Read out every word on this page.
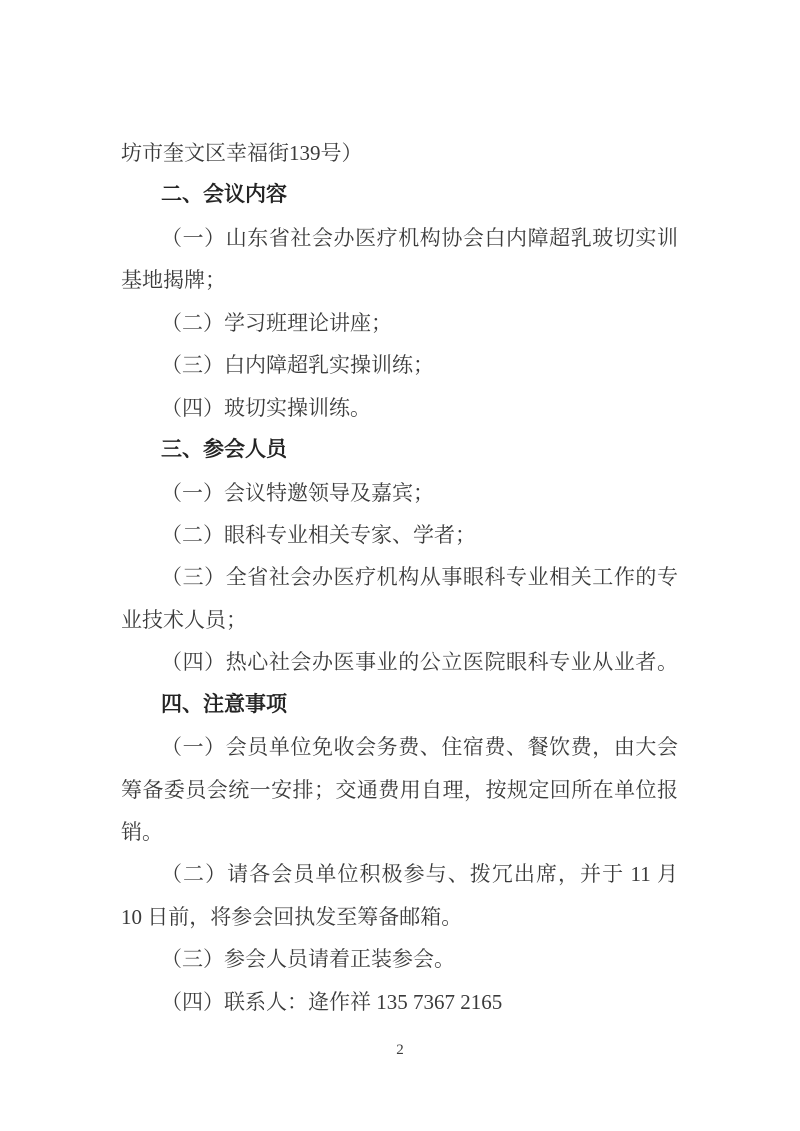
坊市奎文区幸福街139号）
二、会议内容
（一）山东省社会办医疗机构协会白内障超乳玻切实训
基地揭牌；
（二）学习班理论讲座；
（三）白内障超乳实操训练；
（四）玻切实操训练。
三、参会人员
（一）会议特邀领导及嘉宾；
（二）眼科专业相关专家、学者；
（三）全省社会办医疗机构从事眼科专业相关工作的专
业技术人员；
（四）热心社会办医事业的公立医院眼科专业从业者。
四、注意事项
（一）会员单位免收会务费、住宿费、餐饮费，由大会
筹备委员会统一安排；交通费用自理，按规定回所在单位报
销。
（二）请各会员单位积极参与、拨冗出席，并于 11 月
10 日前，将参会回执发至筹备邮箱。
（三）参会人员请着正装参会。
（四）联系人：逄作祥 135 7367 2165
2
